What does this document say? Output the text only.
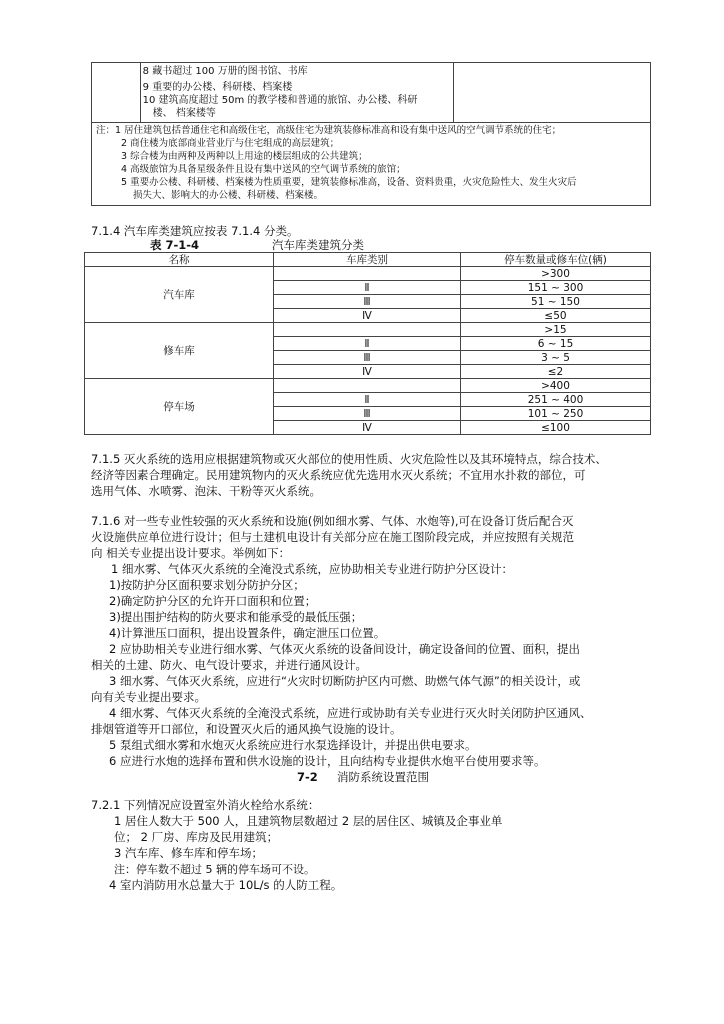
8 藏书超过 100 万册的图书馆、书库
9 重要的办公楼、科研楼、档案楼
10 建筑高度超过 50m 的教学楼和普通的旅馆、办公楼、科研
楼、 档案楼等

注：1 居住建筑包括普通住宅和高级住宅，高级住宅为建筑装修标准高和设有集中送风的空气调节系统的住宅；
2 商住楼为底部商业营业厅与住宅组成的高层建筑；
3 综合楼为由两种及两种以上用途的楼层组成的公共建筑；
4 高级旅馆为具备星级条件且设有集中送风的空气调节系统的旅馆；
5 重要办公楼、科研楼、档案楼为性质重要，建筑装修标准高，设备、资料贵重，火灾危险性大、发生火灾后
损失大、影响大的办公楼、科研楼、档案楼。
7.1.4 汽车库类建筑应按表 7.1.4 分类。
表 7-1-4	汽车库类建筑分类
名称	车库类别	停车数量或修车位(辆)
汽车库		>300
	Ⅱ	151 ~ 300
	Ⅲ	51 ~ 150
	Ⅳ	≤50
修车库		>15
	Ⅱ	6 ~ 15
	Ⅲ	3 ~ 5
	Ⅳ	≤2
停车场		>400
	Ⅱ	251 ~ 400
	Ⅲ	101 ~ 250
	Ⅳ	≤100
7.1.5 灭火系统的选用应根据建筑物或灭火部位的使用性质、火灾危险性以及其环境特点，综合技术、
经济等因素合理确定。民用建筑物内的灭火系统应优先选用水灭火系统；不宜用水扑救的部位，可
选用气体、水喷雾、泡沫、干粉等灭火系统。
7.1.6 对一些专业性较强的灭火系统和设施(例如细水雾、气体、水炮等),可在设备订货后配合灭
火设施供应单位进行设计；但与土建机电设计有关部分应在施工图阶段完成，并应按照有关规范
向 相关专业提出设计要求。举例如下：
1 细水雾、气体灭火系统的全淹没式系统，应协助相关专业进行防护分区设计：
1)按防护分区面积要求划分防护分区；
2)确定防护分区的允许开口面积和位置；
3)提出围护结构的防火要求和能承受的最低压强；
4)计算泄压口面积，提出设置条件，确定泄压口位置。
2 应协助相关专业进行细水雾、气体灭火系统的设备间设计，确定设备间的位置、面积，提出
相关的土建、防火、电气设计要求，并进行通风设计。
3 细水雾、气体灭火系统，应进行“火灾时切断防护区内可燃、助燃气体气源”的相关设计，或
向有关专业提出要求。
4 细水雾、气体灭火系统的全淹没式系统，应进行或协助有关专业进行灭火时关闭防护区通风、
排烟管道等开口部位，和设置灭火后的通风换气设施的设计。
5 泵组式细水雾和水炮灭火系统应进行水泵选择设计，并提出供电要求。
6 应进行水炮的选择布置和供水设施的设计，且向结构专业提供水炮平台使用要求等。
7-2 消防系统设置范围
7.2.1 下列情况应设置室外消火栓给水系统：
1 居住人数大于 500 人，且建筑物层数超过 2 层的居住区、城镇及企事业单
位； 2 厂房、库房及民用建筑；
3 汽车库、修车库和停车场；
注：停车数不超过 5 辆的停车场可不设。
4 室内消防用水总量大于 10L/s 的人防工程。
